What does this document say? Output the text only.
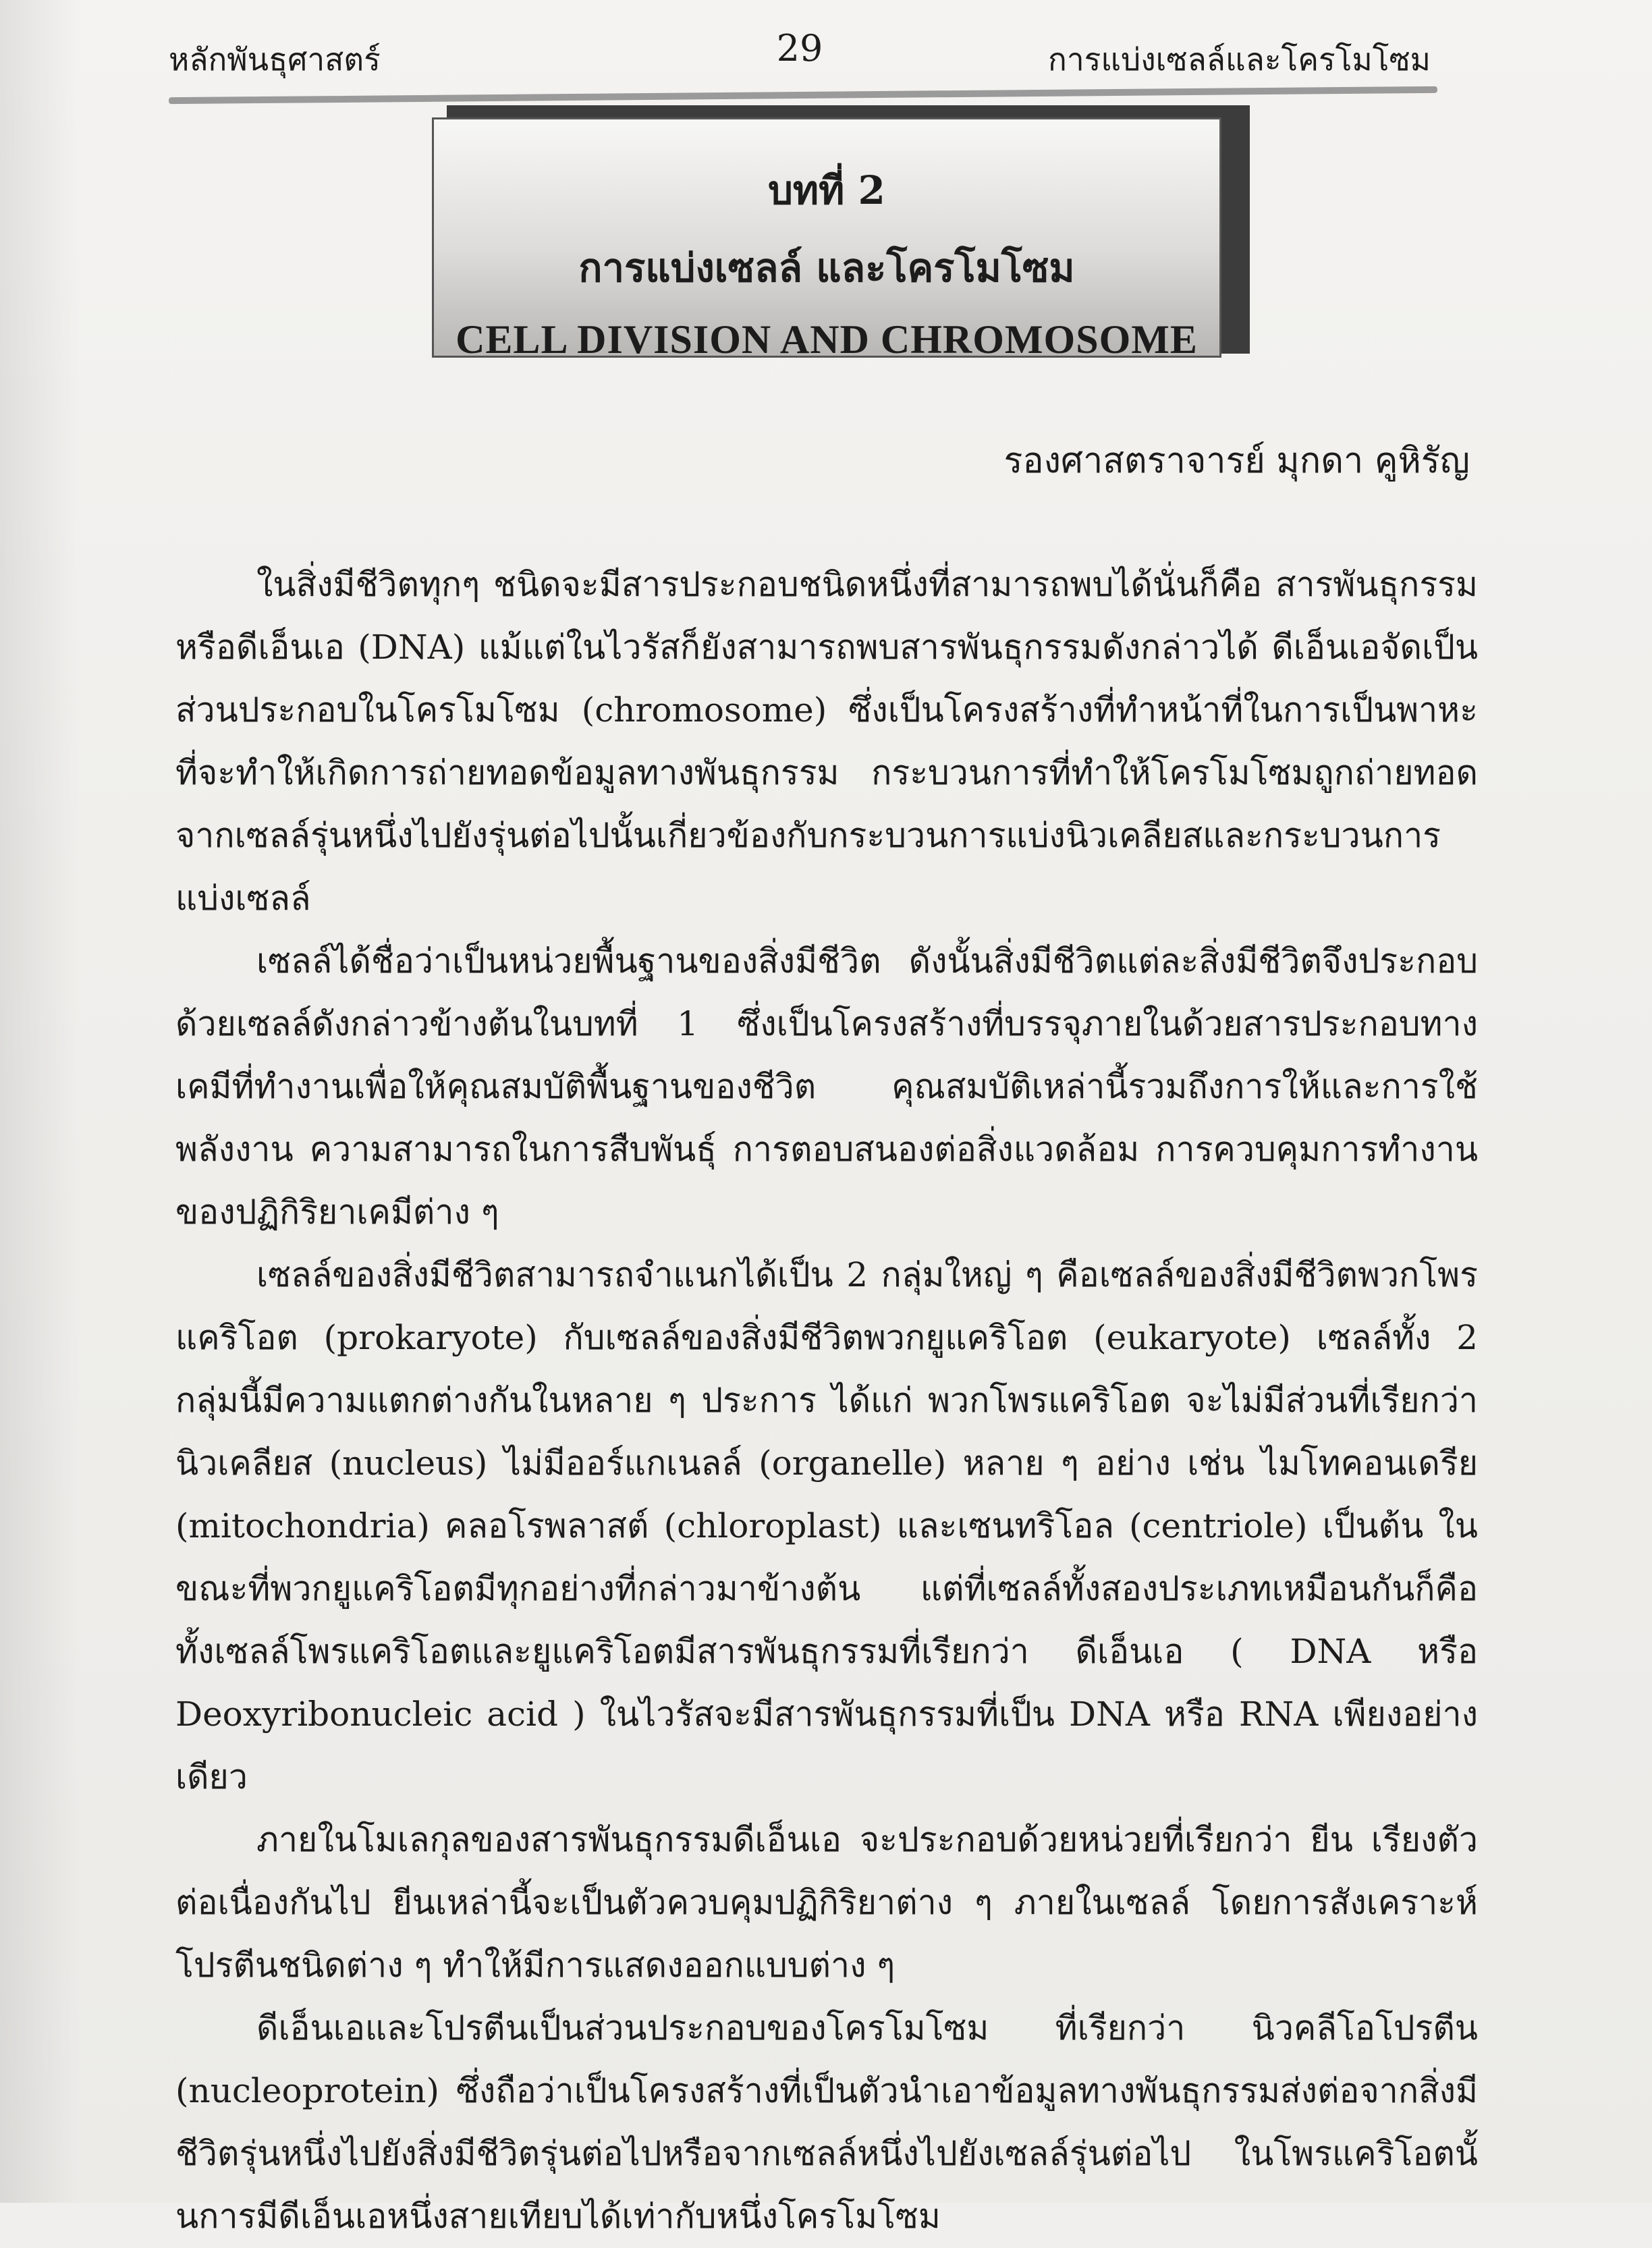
หลักพันธุศาสตร์	29	การแบ่งเซลล์และโครโมโซม
บทที่ 2
การแบ่งเซลล์ และโครโมโซม
CELL DIVISION AND CHROMOSOME
รองศาสตราจารย์ มุกดา คูหิรัญ

ในสิ่งมีชีวิตทุกๆ ชนิดจะมีสารประกอบชนิดหนึ่งที่สามารถพบได้นั่นก็คือ สารพันธุกรรม หรือดีเอ็นเอ (DNA) แม้แต่ในไวรัสก็ยังสามารถพบสารพันธุกรรมดังกล่าวได้ ดีเอ็นเอจัดเป็นส่วนประกอบในโครโมโซม (chromosome) ซึ่งเป็นโครงสร้างที่ทำหน้าที่ในการเป็นพาหะที่จะทำให้เกิดการถ่ายทอดข้อมูลทางพันธุกรรม กระบวนการที่ทำให้โครโมโซมถูกถ่ายทอดจากเซลล์รุ่นหนึ่งไปยังรุ่นต่อไปนั้นเกี่ยวข้องกับกระบวนการแบ่งนิวเคลียสและกระบวนการแบ่งเซลล์

เซลล์ได้ชื่อว่าเป็นหน่วยพื้นฐานของสิ่งมีชีวิต ดังนั้นสิ่งมีชีวิตแต่ละสิ่งมีชีวิตจึงประกอบด้วยเซลล์ดังกล่าวข้างต้นในบทที่ 1 ซึ่งเป็นโครงสร้างที่บรรจุภายในด้วยสารประกอบทางเคมีที่ทำงานเพื่อให้คุณสมบัติพื้นฐานของชีวิต คุณสมบัติเหล่านี้รวมถึงการให้และการใช้พลังงาน ความสามารถในการสืบพันธุ์ การตอบสนองต่อสิ่งแวดล้อม การควบคุมการทำงานของปฏิกิริยาเคมีต่าง ๆ

เซลล์ของสิ่งมีชีวิตสามารถจำแนกได้เป็น 2 กลุ่มใหญ่ ๆ คือเซลล์ของสิ่งมีชีวิตพวกโพรแคริโอต (prokaryote) กับเซลล์ของสิ่งมีชีวิตพวกยูแคริโอต (eukaryote) เซลล์ทั้ง 2 กลุ่มนี้มีความแตกต่างกันในหลาย ๆ ประการ ได้แก่ พวกโพรแคริโอต จะไม่มีส่วนที่เรียกว่า นิวเคลียส (nucleus) ไม่มีออร์แกเนลล์ (organelle) หลาย ๆ อย่าง เช่น ไมโทคอนเดรีย (mitochondria) คลอโรพลาสต์ (chloroplast) และเซนทริโอล (centriole) เป็นต้น ในขณะที่พวกยูแคริโอตมีทุกอย่างที่กล่าวมาข้างต้น แต่ที่เซลล์ทั้งสองประเภทเหมือนกันก็คือ ทั้งเซลล์โพรแคริโอตและยูแคริโอตมีสารพันธุกรรมที่เรียกว่า ดีเอ็นเอ ( DNA หรือ Deoxyribonucleic acid ) ในไวรัสจะมีสารพันธุกรรมที่เป็น DNA หรือ RNA เพียงอย่างเดียว

ภายในโมเลกุลของสารพันธุกรรมดีเอ็นเอ จะประกอบด้วยหน่วยที่เรียกว่า ยีน เรียงตัวต่อเนื่องกันไป ยีนเหล่านี้จะเป็นตัวควบคุมปฏิกิริยาต่าง ๆ ภายในเซลล์ โดยการสังเคราะห์โปรตีนชนิดต่าง ๆ ทำให้มีการแสดงออกแบบต่าง ๆ

ดีเอ็นเอและโปรตีนเป็นส่วนประกอบของโครโมโซม ที่เรียกว่า นิวคลีโอโปรตีน (nucleoprotein) ซึ่งถือว่าเป็นโครงสร้างที่เป็นตัวนำเอาข้อมูลทางพันธุกรรมส่งต่อจากสิ่งมีชีวิตรุ่นหนึ่งไปยังสิ่งมีชีวิตรุ่นต่อไปหรือจากเซลล์หนึ่งไปยังเซลล์รุ่นต่อไป ในโพรแคริโอตนั้นการมีดีเอ็นเอหนึ่งสายเทียบได้เท่ากับหนึ่งโครโมโซม
